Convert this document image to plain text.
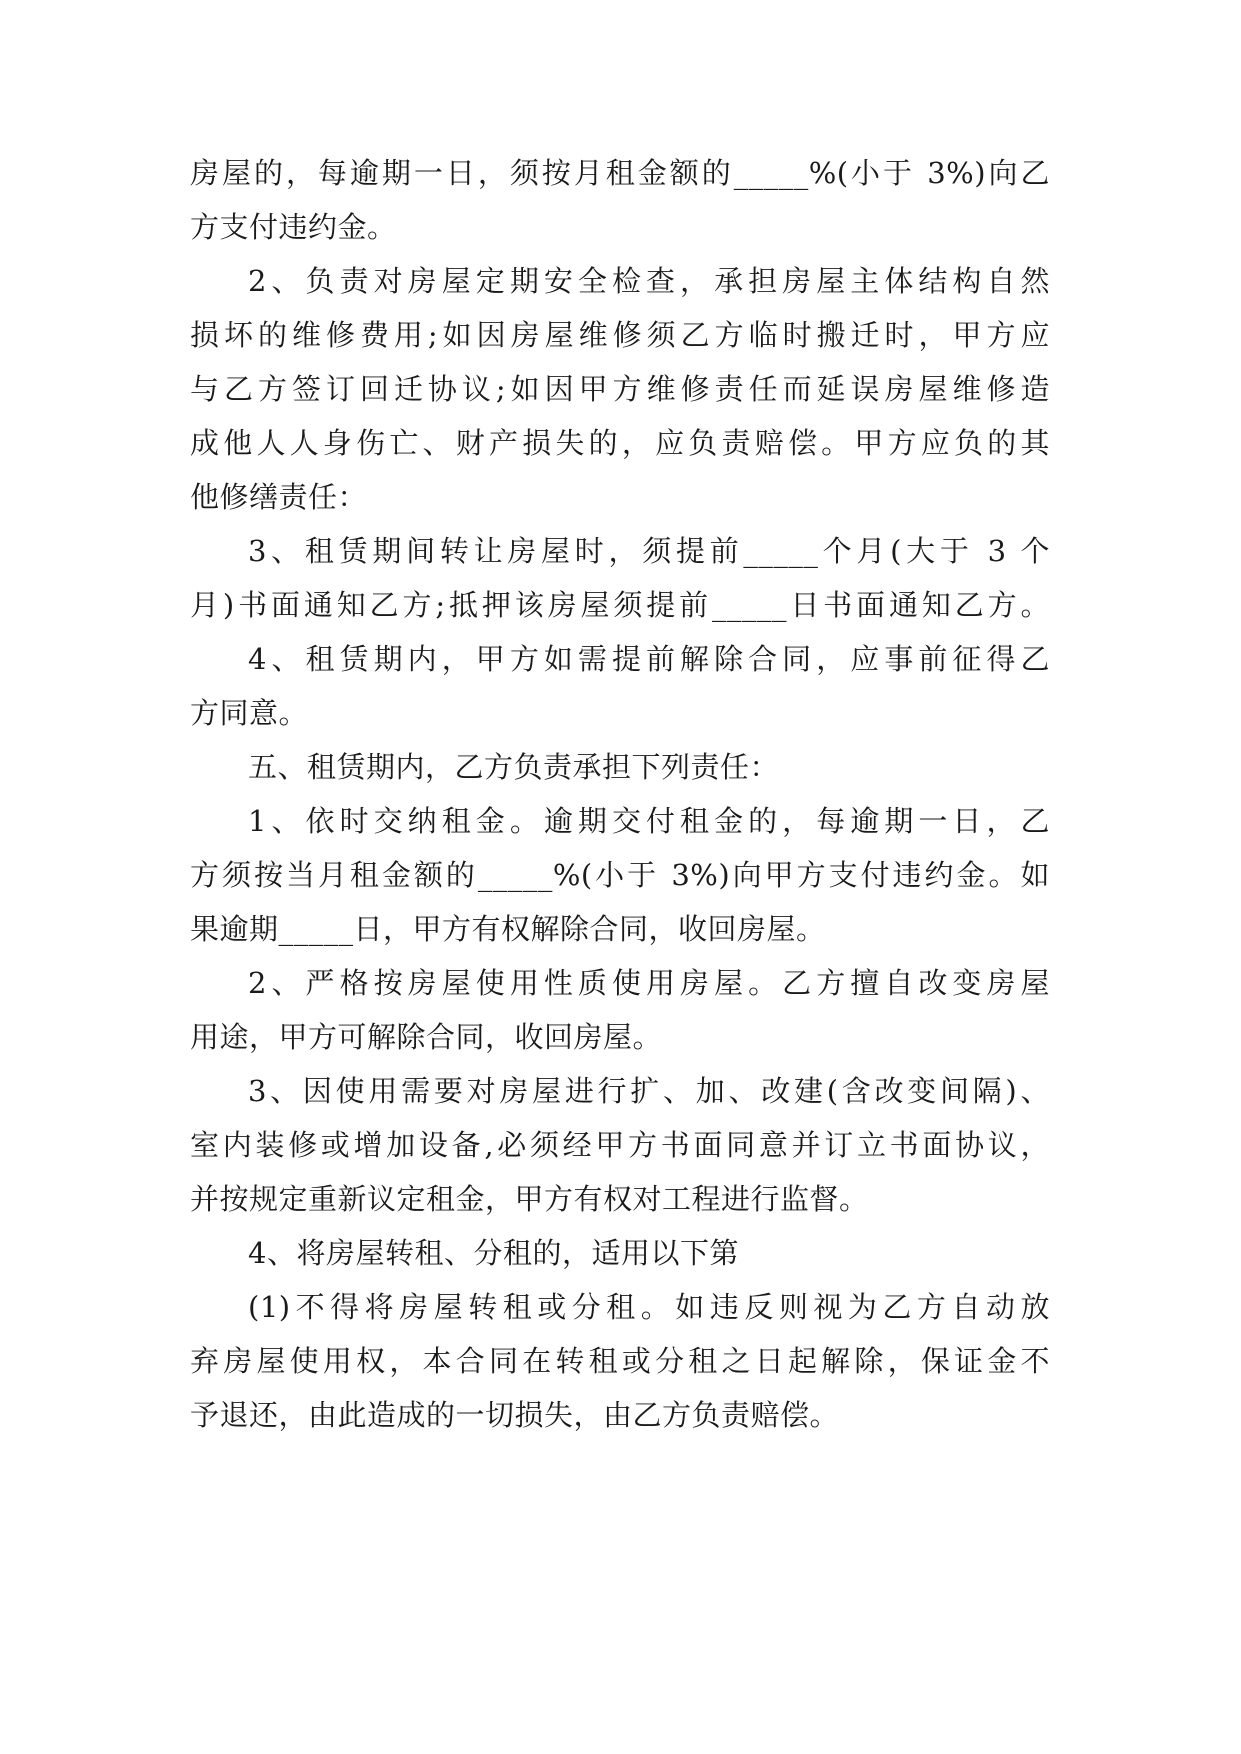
房屋的，每逾期一日，须按月租金额的_____%(小于 3%)向乙
方支付违约金。
2、负责对房屋定期安全检查，承担房屋主体结构自然
损坏的维修费用;如因房屋维修须乙方临时搬迁时，甲方应
与乙方签订回迁协议;如因甲方维修责任而延误房屋维修造
成他人人身伤亡、财产损失的，应负责赔偿。甲方应负的其
他修缮责任：
3、租赁期间转让房屋时，须提前_____个月(大于 3 个
月)书面通知乙方;抵押该房屋须提前_____日书面通知乙方。
4、租赁期内，甲方如需提前解除合同，应事前征得乙
方同意。
五、租赁期内，乙方负责承担下列责任：
1、依时交纳租金。逾期交付租金的，每逾期一日，乙
方须按当月租金额的_____%(小于 3%)向甲方支付违约金。如
果逾期_____日，甲方有权解除合同，收回房屋。
2、严格按房屋使用性质使用房屋。乙方擅自改变房屋
用途，甲方可解除合同，收回房屋。
3、因使用需要对房屋进行扩、加、改建(含改变间隔)、
室内装修或增加设备,必须经甲方书面同意并订立书面协议，
并按规定重新议定租金，甲方有权对工程进行监督。
4、将房屋转租、分租的，适用以下第
(1)不得将房屋转租或分租。如违反则视为乙方自动放
弃房屋使用权，本合同在转租或分租之日起解除，保证金不
予退还，由此造成的一切损失，由乙方负责赔偿。
